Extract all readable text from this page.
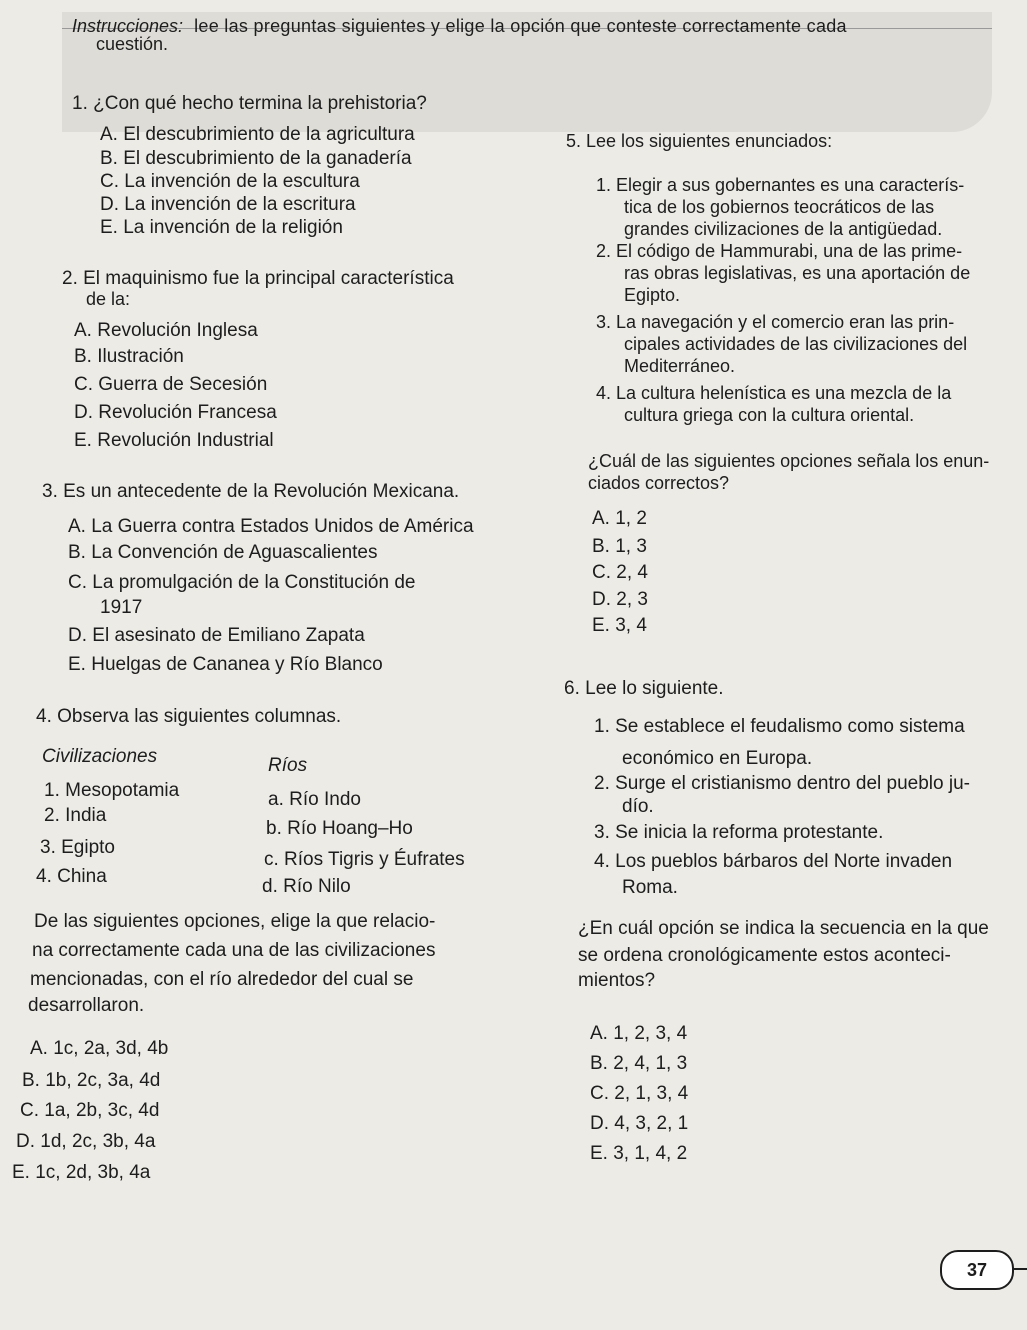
Instrucciones: lee las preguntas siguientes y elige la opción que conteste correctamente cada
cuestión.
1. ¿Con qué hecho termina la prehistoria?
A. El descubrimiento de la agricultura
B. El descubrimiento de la ganadería
C. La invención de la escultura
D. La invención de la escritura
E. La invención de la religión
2. El maquinismo fue la principal característica
de la:
A. Revolución Inglesa
B. Ilustración
C. Guerra de Secesión
D. Revolución Francesa
E. Revolución Industrial
3. Es un antecedente de la Revolución Mexicana.
A. La Guerra contra Estados Unidos de América
B. La Convención de Aguascalientes
C. La promulgación de la Constitución de
1917
D. El asesinato de Emiliano Zapata
E. Huelgas de Cananea y Río Blanco
4. Observa las siguientes columnas.
Civilizaciones	Ríos
1. Mesopotamia
2. India
3. Egipto
4. China
a. Río Indo
b. Río Hoang–Ho
c. Ríos Tigris y Éufrates
d. Río Nilo
De las siguientes opciones, elige la que relacio-
na correctamente cada una de las civilizaciones
mencionadas, con el río alrededor del cual se
desarrollaron.
A. 1c, 2a, 3d, 4b
B. 1b, 2c, 3a, 4d
C. 1a, 2b, 3c, 4d
D. 1d, 2c, 3b, 4a
E. 1c, 2d, 3b, 4a
5. Lee los siguientes enunciados:
1. Elegir a sus gobernantes es una caracterís-
tica de los gobiernos teocráticos de las
grandes civilizaciones de la antigüedad.
2. El código de Hammurabi, una de las prime-
ras obras legislativas, es una aportación de
Egipto.
3. La navegación y el comercio eran las prin-
cipales actividades de las civilizaciones del
Mediterráneo.
4. La cultura helenística es una mezcla de la
cultura griega con la cultura oriental.
¿Cuál de las siguientes opciones señala los enun-
ciados correctos?
A. 1, 2
B. 1, 3
C. 2, 4
D. 2, 3
E. 3, 4
6. Lee lo siguiente.
1. Se establece el feudalismo como sistema
económico en Europa.
2. Surge el cristianismo dentro del pueblo ju-
dío.
3. Se inicia la reforma protestante.
4. Los pueblos bárbaros del Norte invaden
Roma.
¿En cuál opción se indica la secuencia en la que
se ordena cronológicamente estos aconteci-
mientos?
A. 1, 2, 3, 4
B. 2, 4, 1, 3
C. 2, 1, 3, 4
D. 4, 3, 2, 1
E. 3, 1, 4, 2
37
